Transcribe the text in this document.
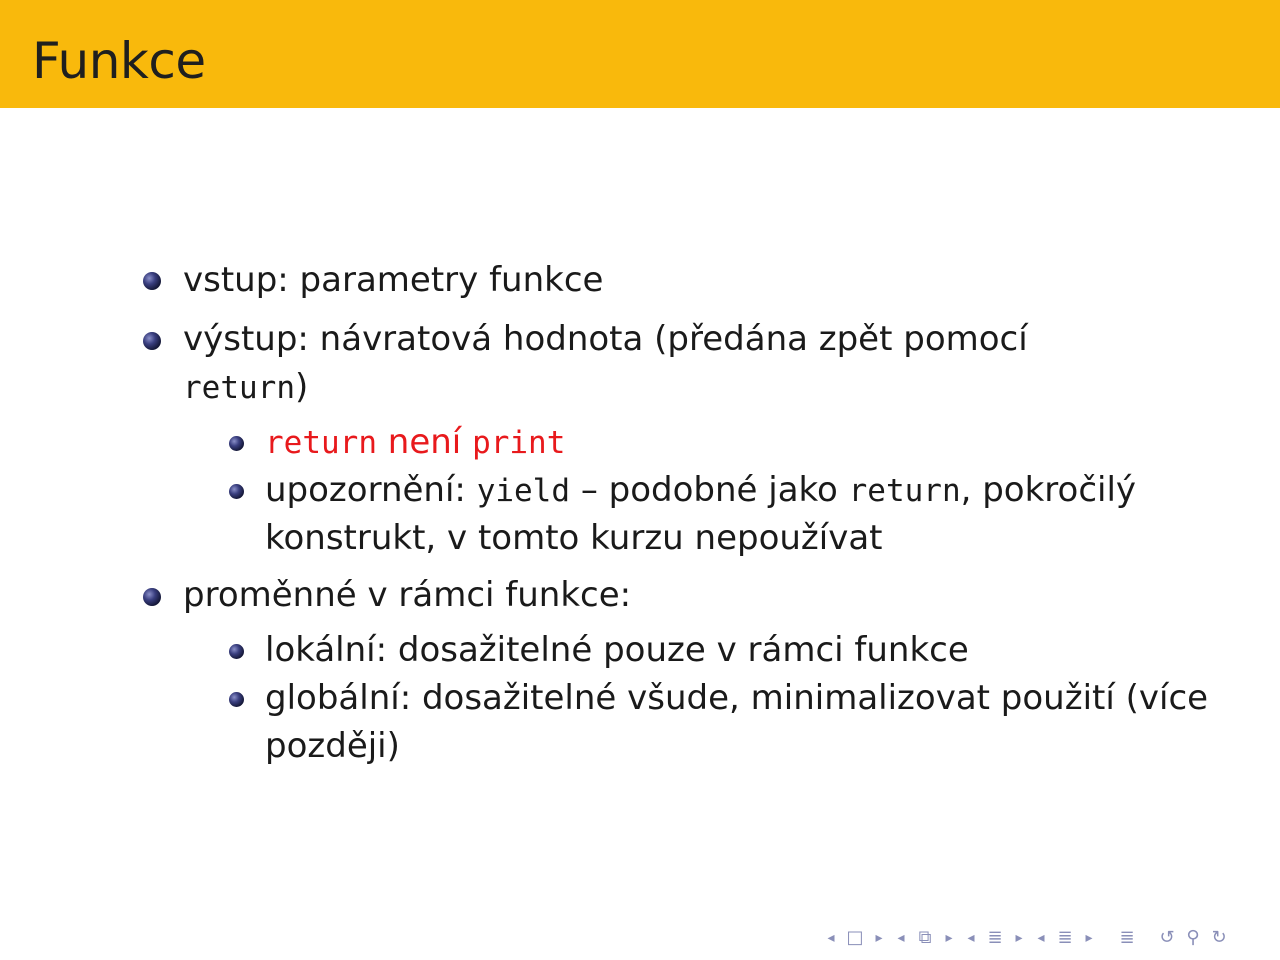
Funkce
vstup: parametry funkce
výstup: návratová hodnota (předána zpět pomocí
return)
return není print
upozornění: yield – podobné jako return, pokročilý
konstrukt, v tomto kurzu nepoužívat
proměnné v rámci funkce:
lokální: dosažitelné pouze v rámci funkce
globální: dosažitelné všude, minimalizovat použití (více
později)
◂ □ ▸	◂ ⧉	▸	◂ ≣ ▸	◂ ≣ ▸	≣	↺ ⚲ ↻
